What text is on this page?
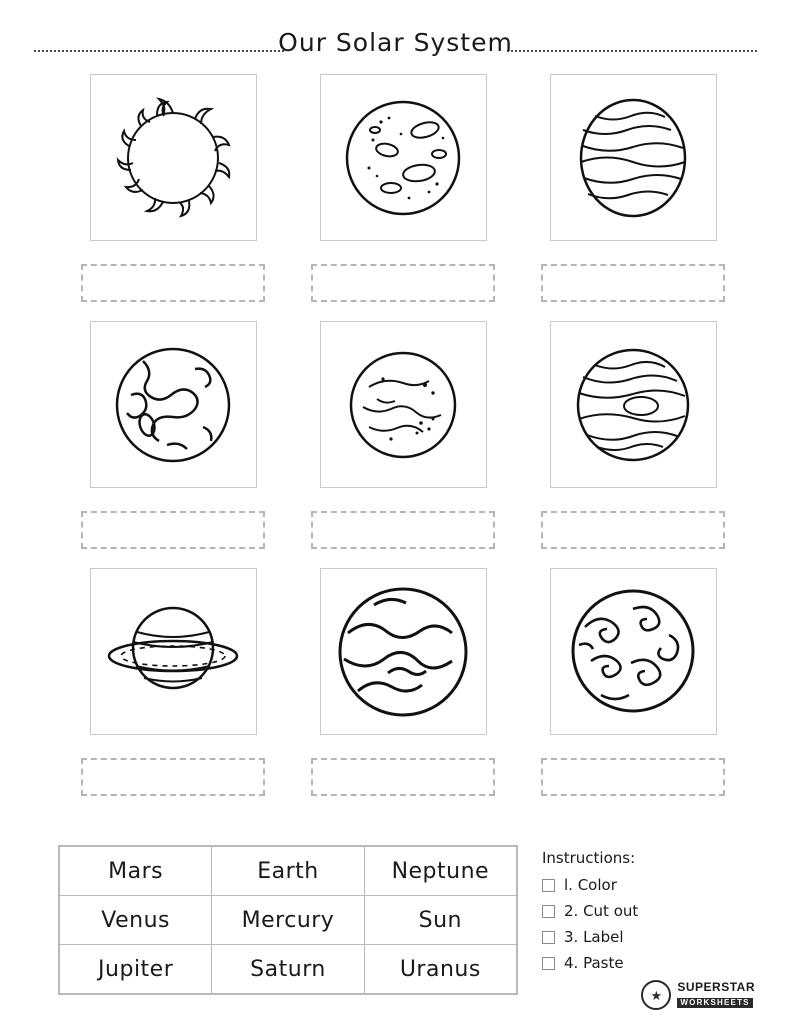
Our Solar System
Mars	Earth	Neptune
Venus	Mercury	Sun
Jupiter	Saturn	Uranus
Instructions:
l. Color
2. Cut out
3. Label
4. Paste
★
SUPERSTAR
WORKSHEETS
